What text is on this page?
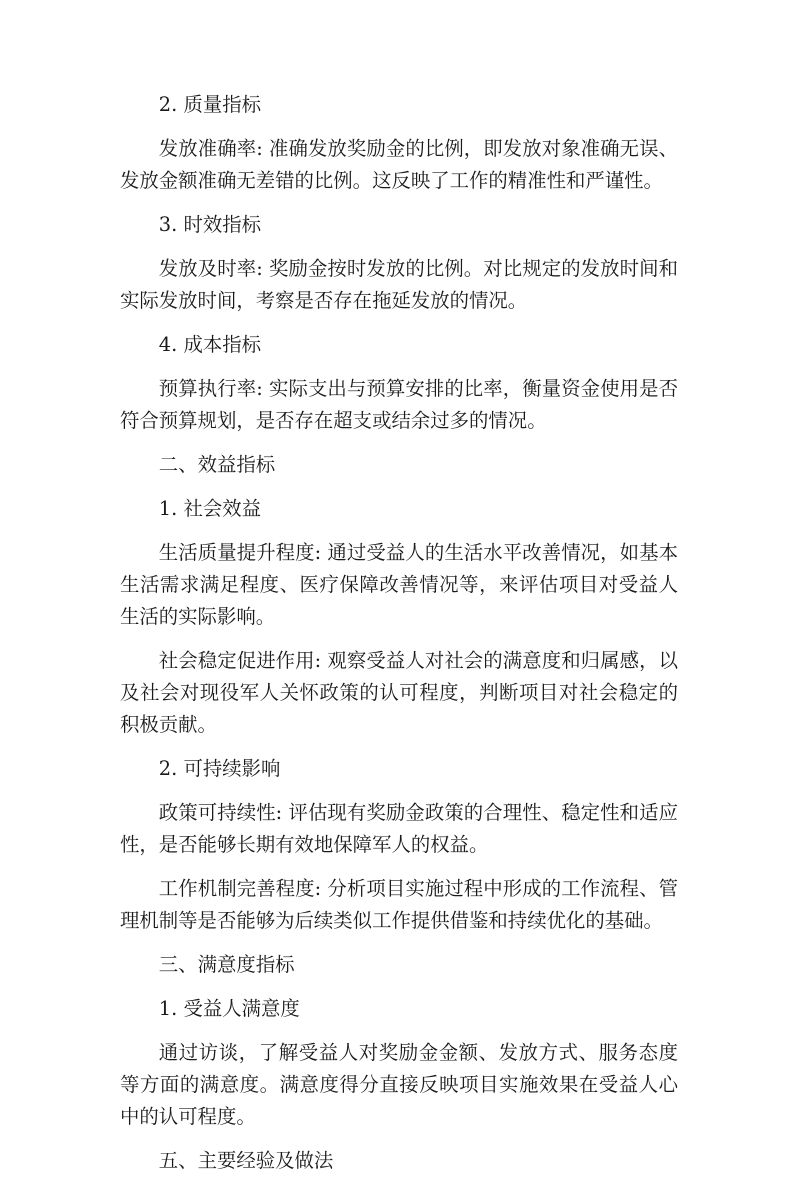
2. 质量指标

发放准确率: 准确发放奖励金的比例，即发放对象准确无误、发放金额准确无差错的比例。这反映了工作的精准性和严谨性。

3. 时效指标

发放及时率: 奖励金按时发放的比例。对比规定的发放时间和实际发放时间，考察是否存在拖延发放的情况。

4. 成本指标

预算执行率: 实际支出与预算安排的比率，衡量资金使用是否符合预算规划，是否存在超支或结余过多的情况。

二、效益指标

1. 社会效益

生活质量提升程度: 通过受益人的生活水平改善情况，如基本生活需求满足程度、医疗保障改善情况等，来评估项目对受益人生活的实际影响。

社会稳定促进作用: 观察受益人对社会的满意度和归属感，以及社会对现役军人关怀政策的认可程度，判断项目对社会稳定的积极贡献。

2. 可持续影响

政策可持续性: 评估现有奖励金政策的合理性、稳定性和适应性，是否能够长期有效地保障军人的权益。

工作机制完善程度: 分析项目实施过程中形成的工作流程、管理机制等是否能够为后续类似工作提供借鉴和持续优化的基础。

三、满意度指标

1. 受益人满意度

通过访谈，了解受益人对奖励金金额、发放方式、服务态度等方面的满意度。满意度得分直接反映项目实施效果在受益人心中的认可程度。

五、主要经验及做法
